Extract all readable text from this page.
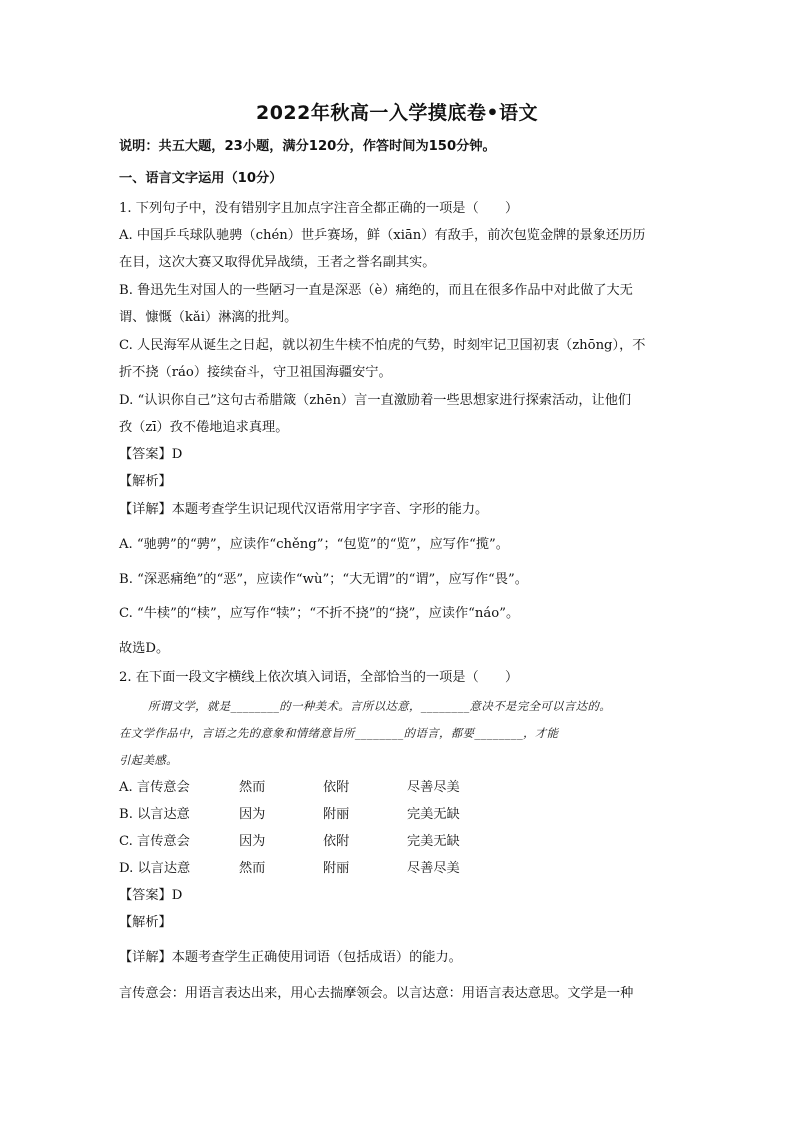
2022年秋高一入学摸底卷•语文
说明：共五大题，23小题，满分120分，作答时间为150分钟。
一、语言文字运用（10分）
1. 下列句子中，没有错别字且加点字注音全都正确的一项是（　　）
A. 中国乒乓球队驰骋（chén）世乒赛场，鲜（xiān）有敌手，前次包览金牌的景象还历历
在目，这次大赛又取得优异战绩，王者之誉名副其实。
B. 鲁迅先生对国人的一些陋习一直是深恶（è）痛绝的，而且在很多作品中对此做了大无
谓、慷慨（kǎi）淋漓的批判。
C. 人民海军从诞生之日起，就以初生牛椟不怕虎的气势，时刻牢记卫国初衷（zhōng），不
折不挠（ráo）接续奋斗，守卫祖国海疆安宁。
D. “认识你自己”这句古希腊箴（zhēn）言一直激励着一些思想家进行探索活动，让他们
孜（zī）孜不倦地追求真理。
【答案】D
【解析】
【详解】本题考查学生识记现代汉语常用字字音、字形的能力。
A. “驰骋”的“骋”，应读作“chěng”；“包览”的“览”，应写作“揽”。
B. “深恶痛绝”的“恶”，应读作“wù”；“大无谓”的“谓”，应写作“畏”。
C. “牛椟”的“椟”，应写作“犊”；“不折不挠”的“挠”，应读作“náo”。
故选D。
2. 在下面一段文字横线上依次填入词语，全部恰当的一项是（　　）
所谓文学，就是________的一种美术。言所以达意，________意决不是完全可以言达的。
在文学作品中，言语之先的意象和情绪意旨所________的语言，都要________，才能
引起美感。
A. 言传意会	然而	依附	尽善尽美
B. 以言达意	因为	附丽	完美无缺
C. 言传意会	因为	依附	完美无缺
D. 以言达意	然而	附丽	尽善尽美
【答案】D
【解析】
【详解】本题考查学生正确使用词语（包括成语）的能力。
言传意会：用语言表达出来，用心去揣摩领会。以言达意：用语言表达意思。文学是一种
